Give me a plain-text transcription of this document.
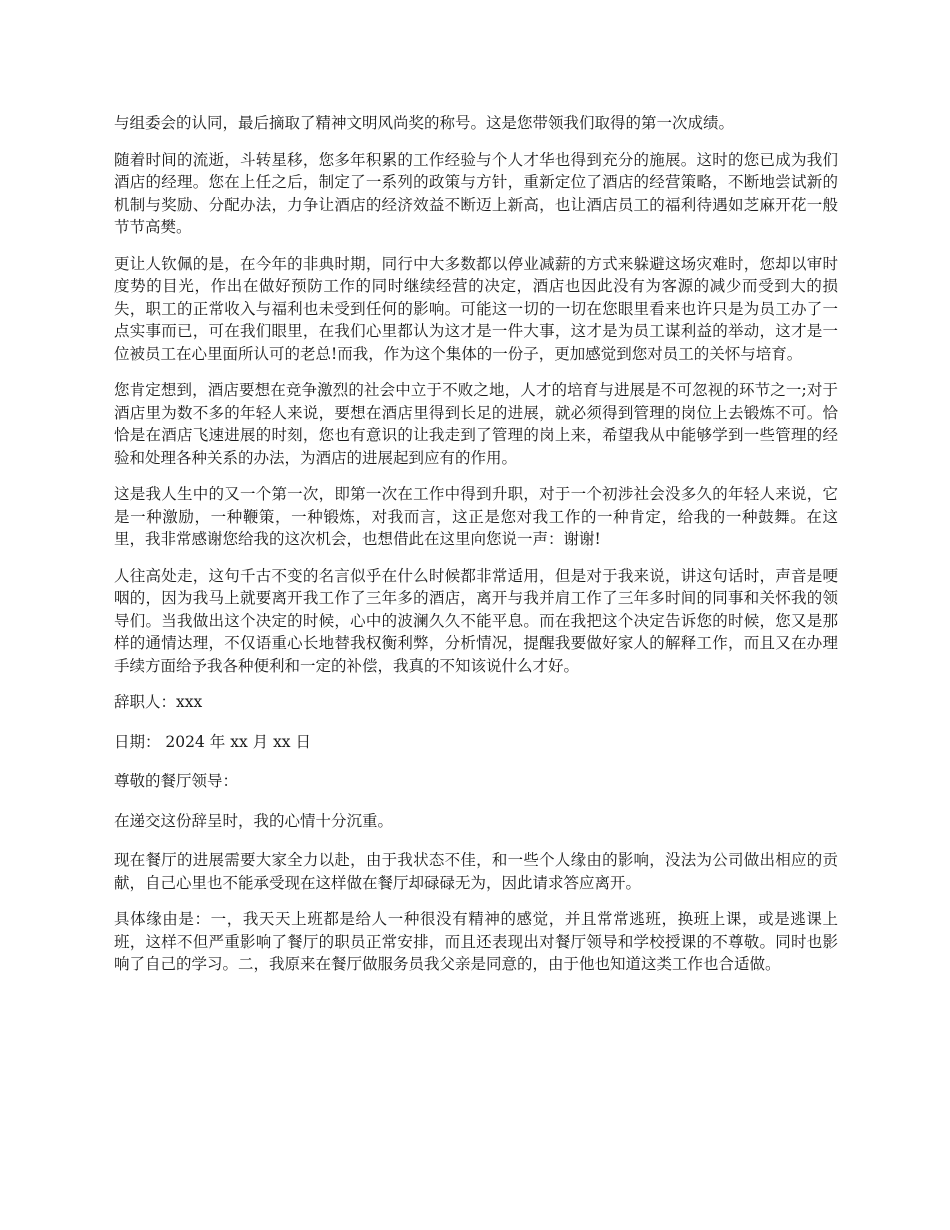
与组委会的认同，最后摘取了精神文明风尚奖的称号。这是您带领我们取得的第一次成绩。

随着时间的流逝，斗转星移，您多年积累的工作经验与个人才华也得到充分的施展。这时的您已成为我们酒店的经理。您在上任之后，制定了一系列的政策与方针，重新定位了酒店的经营策略，不断地尝试新的机制与奖励、分配办法，力争让酒店的经济效益不断迈上新高，也让酒店员工的福利待遇如芝麻开花一般节节高樊。

更让人钦佩的是，在今年的非典时期，同行中大多数都以停业减薪的方式来躲避这场灾难时，您却以审时度势的目光，作出在做好预防工作的同时继续经营的决定，酒店也因此没有为客源的减少而受到大的损失，职工的正常收入与福利也未受到任何的影响。可能这一切的一切在您眼里看来也许只是为员工办了一点实事而已，可在我们眼里，在我们心里都认为这才是一件大事，这才是为员工谋利益的举动，这才是一位被员工在心里面所认可的老总!而我，作为这个集体的一份子，更加感觉到您对员工的关怀与培育。

您肯定想到，酒店要想在竞争激烈的社会中立于不败之地，人才的培育与进展是不可忽视的环节之一;对于酒店里为数不多的年轻人来说，要想在酒店里得到长足的进展，就必须得到管理的岗位上去锻炼不可。恰恰是在酒店飞速进展的时刻，您也有意识的让我走到了管理的岗上来，希望我从中能够学到一些管理的经验和处理各种关系的办法，为酒店的进展起到应有的作用。

这是我人生中的又一个第一次，即第一次在工作中得到升职，对于一个初涉社会没多久的年轻人来说，它是一种激励，一种鞭策，一种锻炼，对我而言，这正是您对我工作的一种肯定，给我的一种鼓舞。在这里，我非常感谢您给我的这次机会，也想借此在这里向您说一声：谢谢!

人往高处走，这句千古不变的名言似乎在什么时候都非常适用，但是对于我来说，讲这句话时，声音是哽咽的，因为我马上就要离开我工作了三年多的酒店，离开与我并肩工作了三年多时间的同事和关怀我的领导们。当我做出这个决定的时候，心中的波澜久久不能平息。而在我把这个决定告诉您的时候，您又是那样的通情达理，不仅语重心长地替我权衡利弊，分析情况，提醒我要做好家人的解释工作，而且又在办理手续方面给予我各种便利和一定的补偿，我真的不知该说什么才好。

辞职人：xxx

日期： 2024 年 xx 月 xx 日

尊敬的餐厅领导：

在递交这份辞呈时，我的心情十分沉重。

现在餐厅的进展需要大家全力以赴，由于我状态不佳，和一些个人缘由的影响，没法为公司做出相应的贡献，自己心里也不能承受现在这样做在餐厅却碌碌无为，因此请求答应离开。

具体缘由是：一，我天天上班都是给人一种很没有精神的感觉，并且常常逃班，换班上课，或是逃课上班，这样不但严重影响了餐厅的职员正常安排，而且还表现出对餐厅领导和学校授课的不尊敬。同时也影响了自己的学习。二，我原来在餐厅做服务员我父亲是同意的，由于他也知道这类工作也合适做。
